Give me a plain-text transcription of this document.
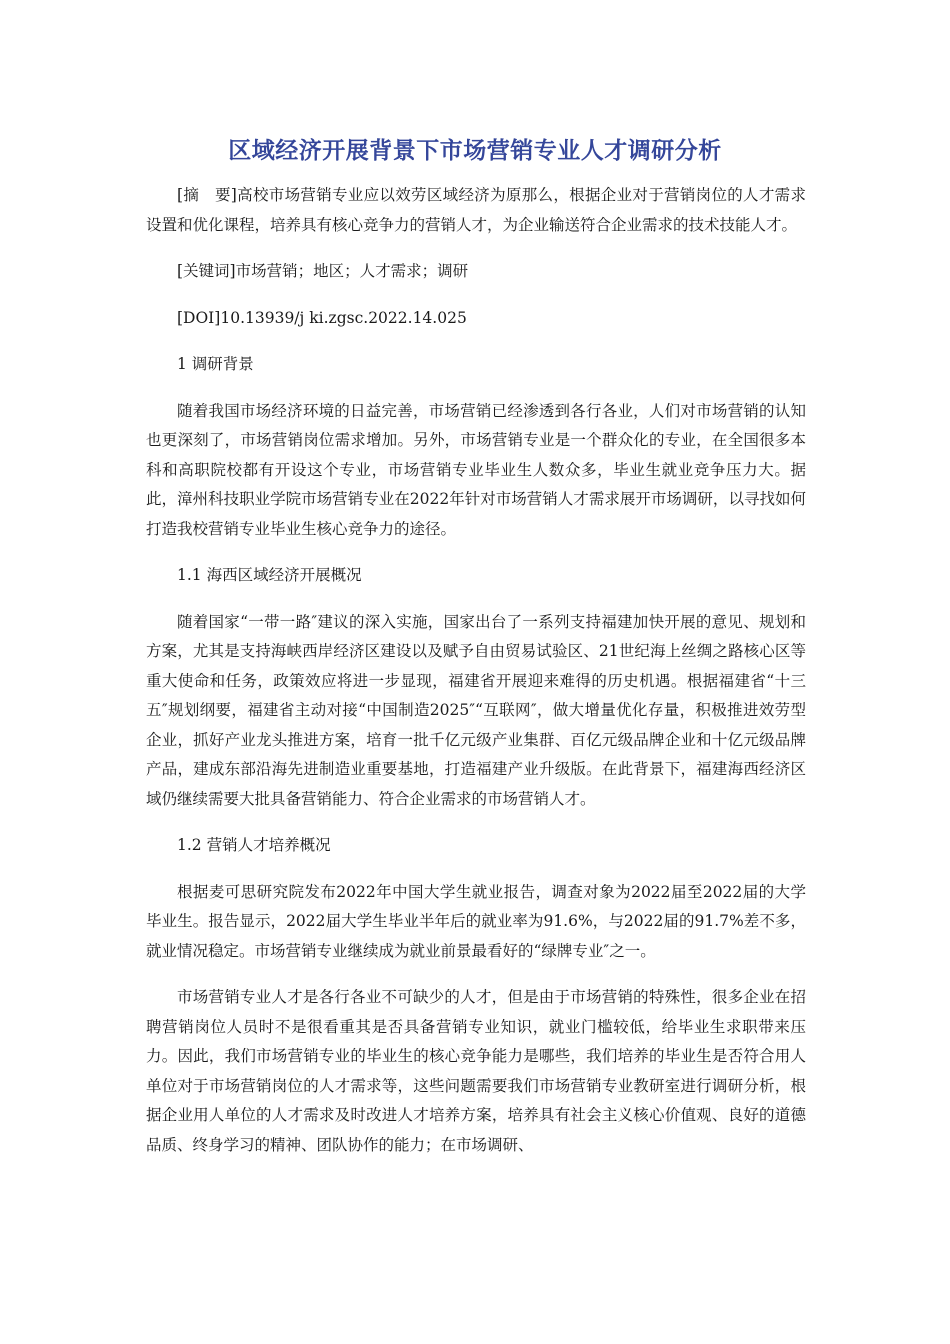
区域经济开展背景下市场营销专业人才调研分析

[摘　要]高校市场营销专业应以效劳区域经济为原那么，根据企业对于营销岗位的人才需求设置和优化课程，培养具有核心竞争力的营销人才，为企业输送符合企业需求的技术技能人才。

[关键词]市场营销；地区；人才需求；调研

[DOI]10.13939/j ki.zgsc.2022.14.025

1 调研背景

随着我国市场经济环境的日益完善，市场营销已经渗透到各行各业，人们对市场营销的认知也更深刻了，市场营销岗位需求增加。另外，市场营销专业是一个群众化的专业，在全国很多本科和高职院校都有开设这个专业，市场营销专业毕业生人数众多，毕业生就业竞争压力大。据此，漳州科技职业学院市场营销专业在2022年针对市场营销人才需求展开市场调研，以寻找如何打造我校营销专业毕业生核心竞争力的途径。

1.1 海西区域经济开展概况

随着国家“一带一路″建议的深入实施，国家出台了一系列支持福建加快开展的意见、规划和方案，尤其是支持海峡西岸经济区建设以及赋予自由贸易试验区、21世纪海上丝绸之路核心区等重大使命和任务，政策效应将进一步显现，福建省开展迎来难得的历史机遇。根据福建省“十三五″规划纲要，福建省主动对接“中国制造2025″“互联网″，做大增量优化存量，积极推进效劳型企业，抓好产业龙头推进方案，培育一批千亿元级产业集群、百亿元级品牌企业和十亿元级品牌产品，建成东部沿海先进制造业重要基地，打造福建产业升级版。在此背景下，福建海西经济区域仍继续需要大批具备营销能力、符合企业需求的市场营销人才。

1.2 营销人才培养概况

根据麦可思研究院发布2022年中国大学生就业报告，调查对象为2022届至2022届的大学毕业生。报告显示，2022届大学生毕业半年后的就业率为91.6%，与2022届的91.7%差不多，就业情况稳定。市场营销专业继续成为就业前景最看好的“绿牌专业″之一。

市场营销专业人才是各行各业不可缺少的人才，但是由于市场营销的特殊性，很多企业在招聘营销岗位人员时不是很看重其是否具备营销专业知识，就业门槛较低，给毕业生求职带来压力。因此，我们市场营销专业的毕业生的核心竞争能力是哪些，我们培养的毕业生是否符合用人单位对于市场营销岗位的人才需求等，这些问题需要我们市场营销专业教研室进行调研分析，根据企业用人单位的人才需求及时改进人才培养方案，培养具有社会主义核心价值观、良好的道德品质、终身学习的精神、团队协作的能力；在市场调研、
